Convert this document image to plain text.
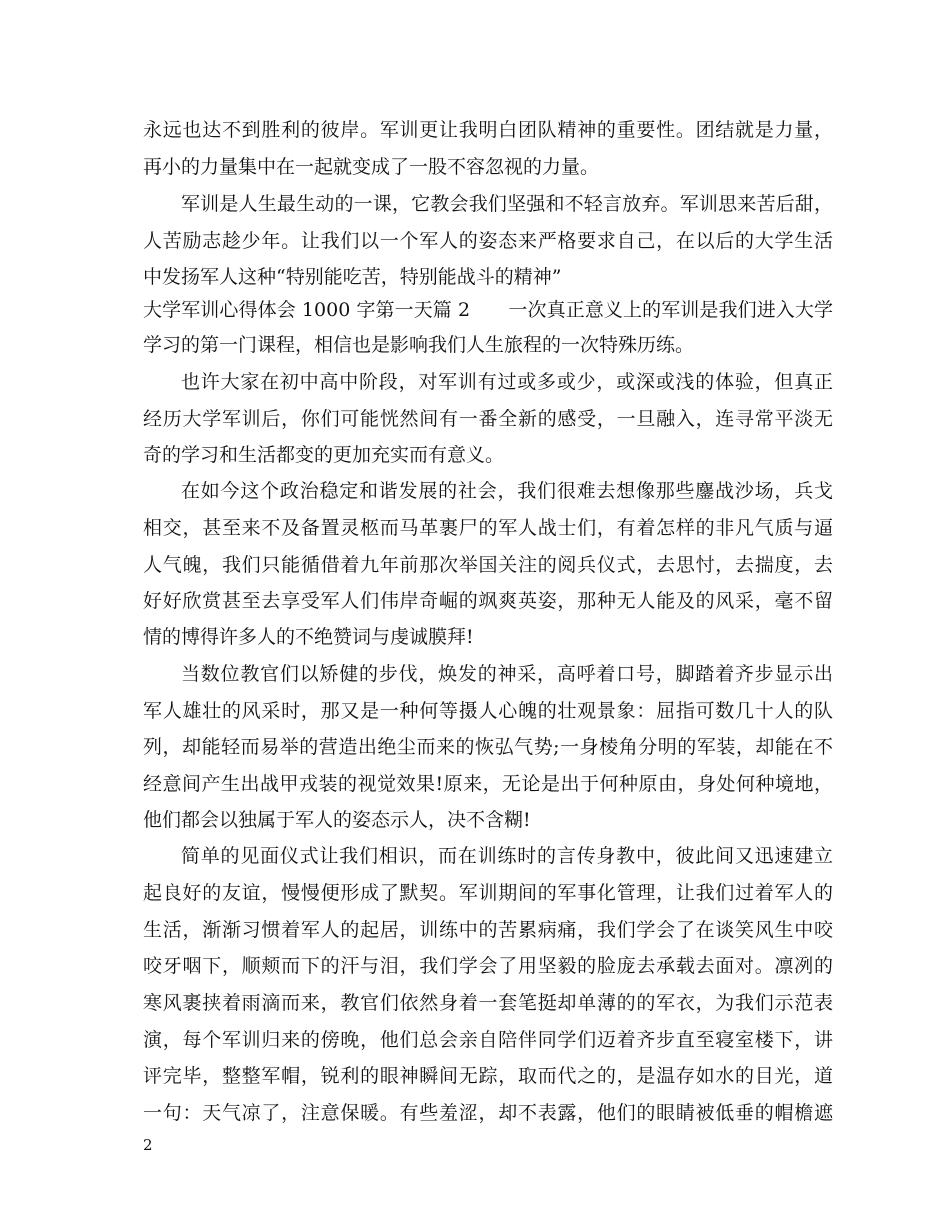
永远也达不到胜利的彼岸。军训更让我明白团队精神的重要性。团结就是力量，
再小的力量集中在一起就变成了一股不容忽视的力量。
军训是人生最生动的一课，它教会我们坚强和不轻言放弃。军训思来苦后甜，
人苦励志趁少年。让我们以一个军人的姿态来严格要求自己，在以后的大学生活
中发扬军人这种“特别能吃苦，特别能战斗的精神”
大学军训心得体会 1000 字第一天篇 2　　一次真正意义上的军训是我们进入大学
学习的第一门课程，相信也是影响我们人生旅程的一次特殊历练。
也许大家在初中高中阶段，对军训有过或多或少，或深或浅的体验，但真正
经历大学军训后，你们可能恍然间有一番全新的感受，一旦融入，连寻常平淡无
奇的学习和生活都变的更加充实而有意义。
在如今这个政治稳定和谐发展的社会，我们很难去想像那些鏖战沙场，兵戈
相交，甚至来不及备置灵柩而马革裹尸的军人战士们，有着怎样的非凡气质与逼
人气魄，我们只能循借着九年前那次举国关注的阅兵仪式，去思忖，去揣度，去
好好欣赏甚至去享受军人们伟岸奇崛的飒爽英姿，那种无人能及的风采，毫不留
情的博得许多人的不绝赞词与虔诚膜拜!
当数位教官们以矫健的步伐，焕发的神采，高呼着口号，脚踏着齐步显示出
军人雄壮的风采时，那又是一种何等摄人心魄的壮观景象：屈指可数几十人的队
列，却能轻而易举的营造出绝尘而来的恢弘气势;一身棱角分明的军装，却能在不
经意间产生出战甲戎装的视觉效果!原来，无论是出于何种原由，身处何种境地，
他们都会以独属于军人的姿态示人，决不含糊!
简单的见面仪式让我们相识，而在训练时的言传身教中，彼此间又迅速建立
起良好的友谊，慢慢便形成了默契。军训期间的军事化管理，让我们过着军人的
生活，渐渐习惯着军人的起居，训练中的苦累病痛，我们学会了在谈笑风生中咬
咬牙咽下，顺颊而下的汗与泪，我们学会了用坚毅的脸庞去承载去面对。凛冽的
寒风裹挟着雨滴而来，教官们依然身着一套笔挺却单薄的的军衣，为我们示范表
演，每个军训归来的傍晚，他们总会亲自陪伴同学们迈着齐步直至寝室楼下，讲
评完毕，整整军帽，锐利的眼神瞬间无踪，取而代之的，是温存如水的目光，道
一句：天气凉了，注意保暖。有些羞涩，却不表露，他们的眼睛被低垂的帽檐遮
2
